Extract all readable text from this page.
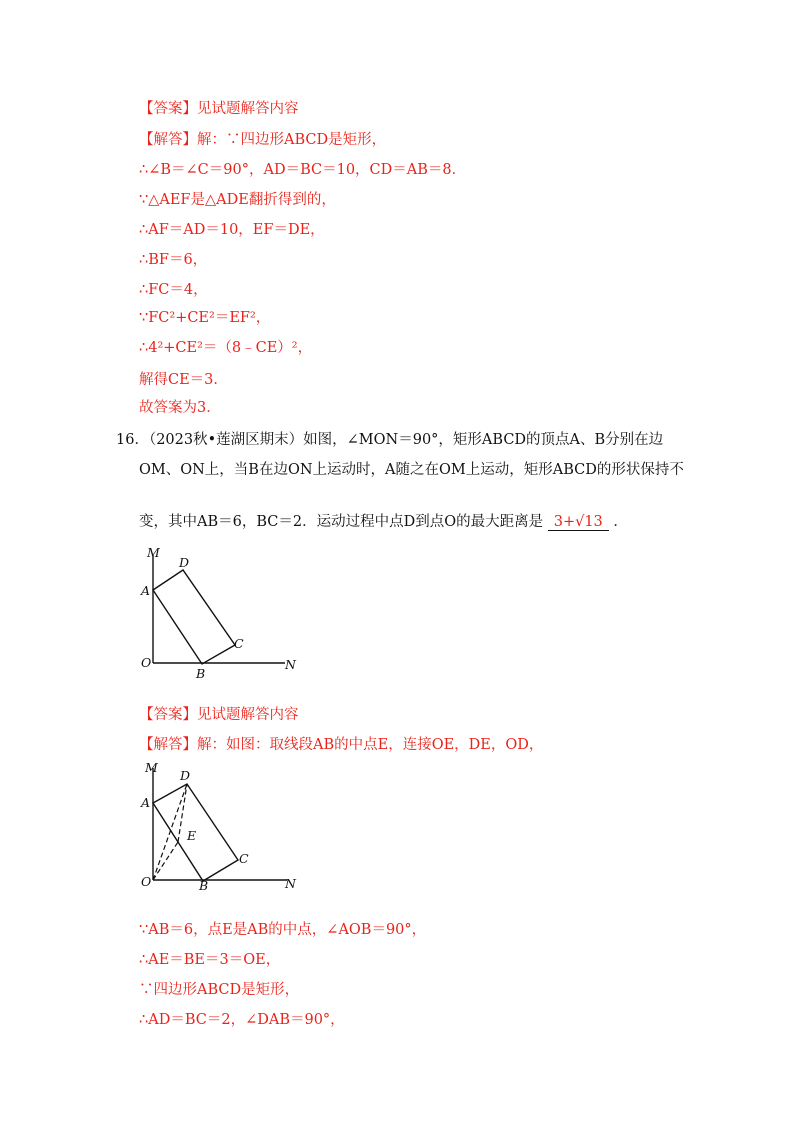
【答案】见试题解答内容
【解答】解：∵四边形ABCD是矩形，
∴∠B＝∠C＝90°，AD＝BC＝10，CD＝AB＝8．
∵△AEF是△ADE翻折得到的，
∴AF＝AD＝10，EF＝DE，
∴BF＝6，
∴FC＝4，
∵FC²+CE²＝EF²，
∴4²+CE²＝（8﹣CE）²，
解得CE＝3．
故答案为3．
16．（2023秋•莲湖区期末）如图，∠MON＝90°，矩形ABCD的顶点A、B分别在边
OM、ON上，当B在边ON上运动时，A随之在OM上运动，矩形ABCD的形状保持不
变，其中AB＝6，BC＝2．运动过程中点D到点O的最大距离是 3+√13 ．
M
D
A
C
O
B
N
【答案】见试题解答内容
【解答】解：如图：取线段AB的中点E，连接OE，DE，OD，
M
D
A
E
C
O	B	N
∵AB＝6，点E是AB的中点，∠AOB＝90°，
∴AE＝BE＝3＝OE，
∵四边形ABCD是矩形，
∴AD＝BC＝2，∠DAB＝90°，
